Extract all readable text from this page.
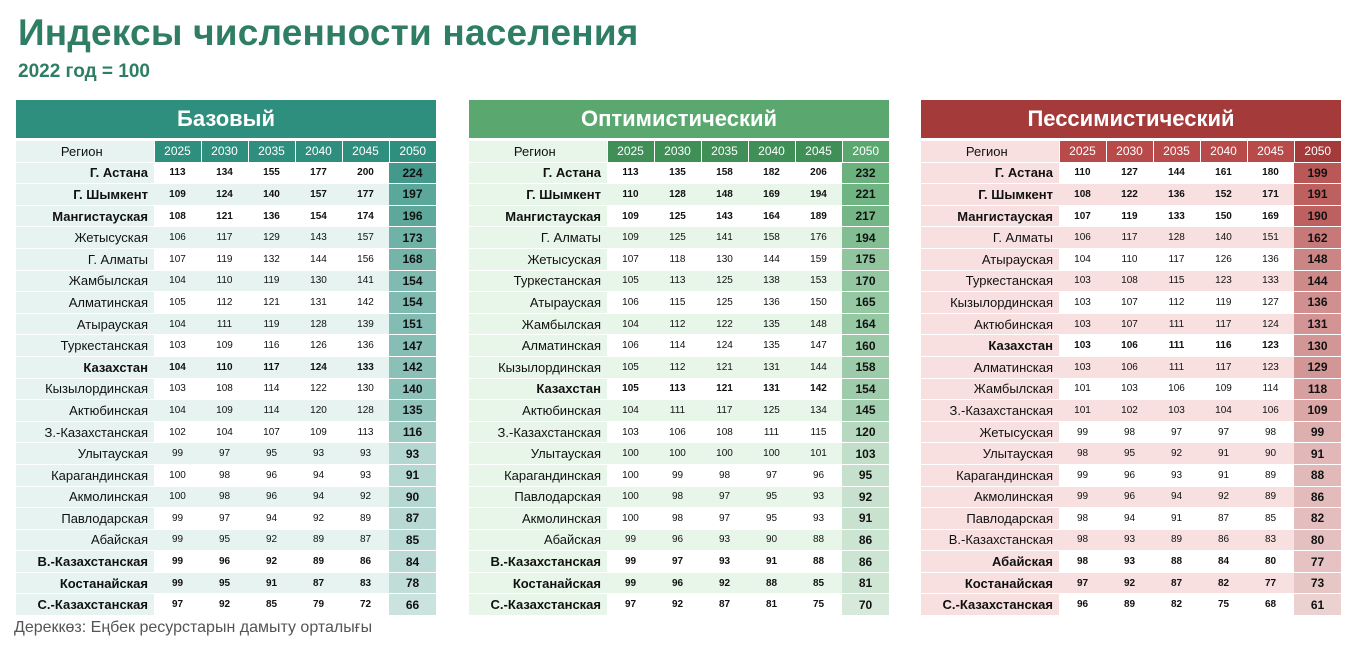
Индексы численности населения
2022 год = 100
Базовый
Регион	2025	2030	2035	2040	2045	2050
Г. Астана	113	134	155	177	200	224
Г. Шымкент	109	124	140	157	177	197
Мангистауская	108	121	136	154	174	196
Жетысуская	106	117	129	143	157	173
Г. Алматы	107	119	132	144	156	168
Жамбылская	104	110	119	130	141	154
Алматинская	105	112	121	131	142	154
Атырауская	104	111	119	128	139	151
Туркестанская	103	109	116	126	136	147
Казахстан	104	110	117	124	133	142
Кызылординская	103	108	114	122	130	140
Актюбинская	104	109	114	120	128	135
З.-Казахстанская	102	104	107	109	113	116
Улытауская	99	97	95	93	93	93
Карагандинская	100	98	96	94	93	91
Акмолинская	100	98	96	94	92	90
Павлодарская	99	97	94	92	89	87
Абайская	99	95	92	89	87	85
В.-Казахстанская	99	96	92	89	86	84
Костанайская	99	95	91	87	83	78
С.-Казахстанская	97	92	85	79	72	66
Оптимистический
Регион	2025	2030	2035	2040	2045	2050
Г. Астана	113	135	158	182	206	232
Г. Шымкент	110	128	148	169	194	221
Мангистауская	109	125	143	164	189	217
Г. Алматы	109	125	141	158	176	194
Жетысуская	107	118	130	144	159	175
Туркестанская	105	113	125	138	153	170
Атырауская	106	115	125	136	150	165
Жамбылская	104	112	122	135	148	164
Алматинская	106	114	124	135	147	160
Кызылординская	105	112	121	131	144	158
Казахстан	105	113	121	131	142	154
Актюбинская	104	111	117	125	134	145
З.-Казахстанская	103	106	108	111	115	120
Улытауская	100	100	100	100	101	103
Карагандинская	100	99	98	97	96	95
Павлодарская	100	98	97	95	93	92
Акмолинская	100	98	97	95	93	91
Абайская	99	96	93	90	88	86
В.-Казахстанская	99	97	93	91	88	86
Костанайская	99	96	92	88	85	81
С.-Казахстанская	97	92	87	81	75	70
Пессимистический
Регион	2025	2030	2035	2040	2045	2050
Г. Астана	110	127	144	161	180	199
Г. Шымкент	108	122	136	152	171	191
Мангистауская	107	119	133	150	169	190
Г. Алматы	106	117	128	140	151	162
Атырауская	104	110	117	126	136	148
Туркестанская	103	108	115	123	133	144
Кызылординская	103	107	112	119	127	136
Актюбинская	103	107	111	117	124	131
Казахстан	103	106	111	116	123	130
Алматинская	103	106	111	117	123	129
Жамбылская	101	103	106	109	114	118
З.-Казахстанская	101	102	103	104	106	109
Жетысуская	99	98	97	97	98	99
Улытауская	98	95	92	91	90	91
Карагандинская	99	96	93	91	89	88
Акмолинская	99	96	94	92	89	86
Павлодарская	98	94	91	87	85	82
В.-Казахстанская	98	93	89	86	83	80
Абайская	98	93	88	84	80	77
Костанайская	97	92	87	82	77	73
С.-Казахстанская	96	89	82	75	68	61
Дереккөз: Еңбек ресурстарын дамыту орталығы
